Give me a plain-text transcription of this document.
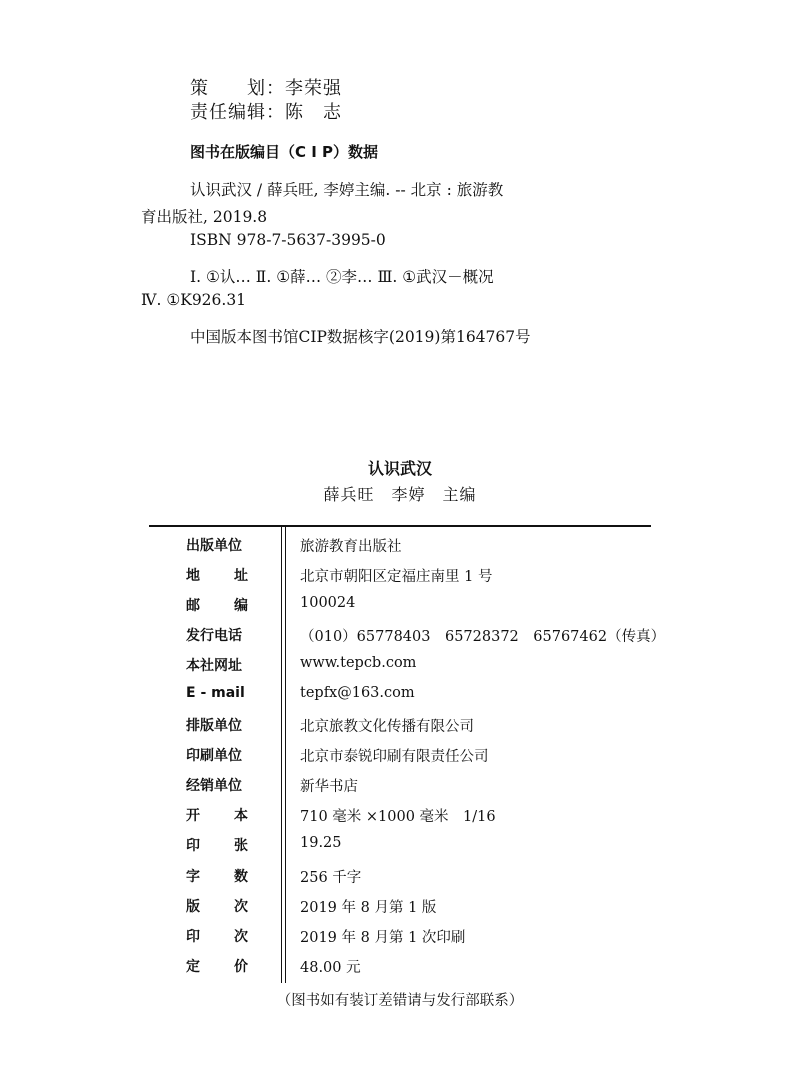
策　　划：李荣强
责任编辑：陈　志
图书在版编目（C I P）数据
认识武汉 / 薛兵旺, 李婷主编. -- 北京 : 旅游教
育出版社, 2019.8
ISBN 978-7-5637-3995-0
Ⅰ. ①认… Ⅱ. ①薛… ②李… Ⅲ. ①武汉－概况
Ⅳ. ①K926.31
中国版本图书馆CIP数据核字(2019)第164767号
认识武汉
薛兵旺　李婷　主编
出版单位	旅游教育出版社
地 址	北京市朝阳区定福庄南里 1 号
邮 编	100024
发行电话	（010）65778403　65728372　65767462（传真）
本社网址	www.tepcb.com
E - mail	tepfx@163.com
排版单位	北京旅教文化传播有限公司
印刷单位	北京市泰锐印刷有限责任公司
经销单位	新华书店
开 本	710 毫米 ×1000 毫米　1/16
印 张	19.25
字 数	256 千字
版 次	2019 年 8 月第 1 版
印 次	2019 年 8 月第 1 次印刷
定 价	48.00 元
（图书如有装订差错请与发行部联系）
